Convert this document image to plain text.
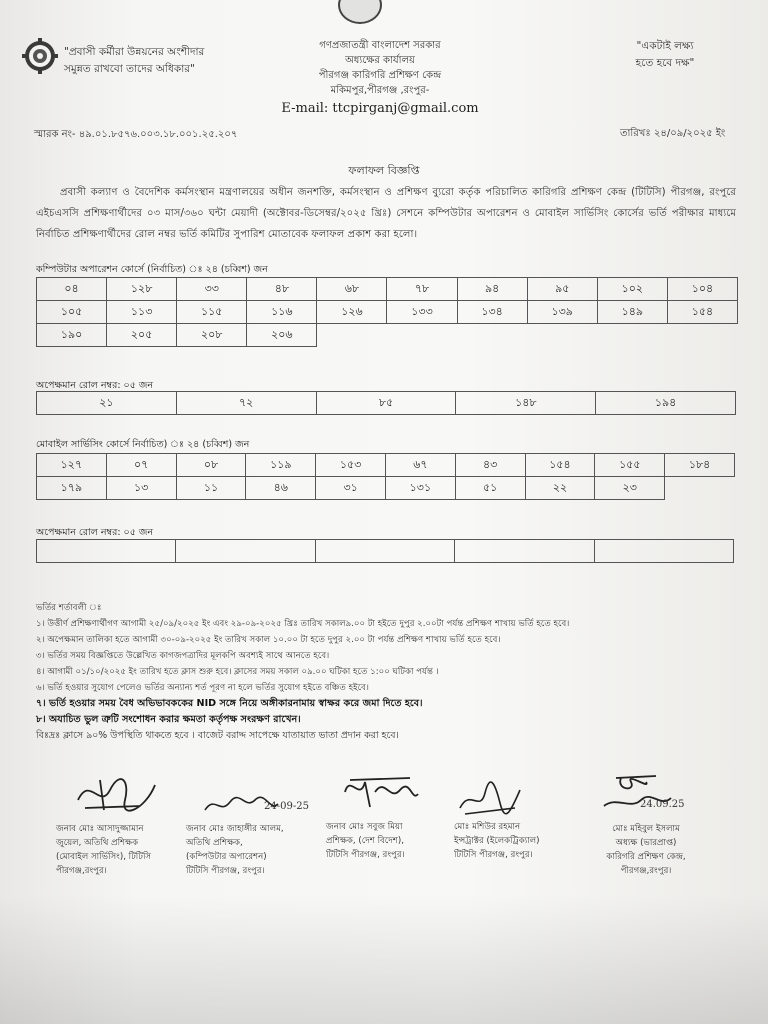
"প্রবাসী কর্মীরা উন্নয়নের অংশীদার
সমুন্নত রাখবো তাদের অধিকার"
গণপ্রজাতন্ত্রী বাংলাদেশ সরকার
অধ্যক্ষের কার্যালয়
পীরগঞ্জ কারিগরি প্রশিক্ষণ কেন্দ্র
মকিমপুর,পীরগঞ্জ ,রংপুর-
E-mail: ttcpirganj@gmail.com
"একটাই লক্ষ্য
হতে হবে দক্ষ"
স্মারক নং- ৪৯.০১.৮৫৭৬.০০৩.১৮.০০১.২৫.২০৭	তারিখঃ ২৪/০৯/২০২৫ ইং
ফলাফল বিজ্ঞপ্তি
প্রবাসী কল্যাণ ও বৈদেশিক কর্মসংস্থান মন্ত্রণালয়ের অধীন জনশক্তি, কর্মসংস্থান ও প্রশিক্ষণ ব্যুরো কর্তৃক পরিচালিত কারিগরি প্রশিক্ষণ কেন্দ্র (টিটিসি) পীরগঞ্জ, রংপুরে এইচএসসি প্রশিক্ষণার্থীদের ০৩ মাস/৩৬০ ঘন্টা মেয়াদী (অক্টোবর-ডিসেম্বর/২০২৫ খ্রিঃ) সেশনে কম্পিউটার অপারেশন ও মোবাইল সার্ভিসিং কোর্সের ভর্তি পরীক্ষার মাধ্যমে নির্বাচিত প্রশিক্ষণার্থীদের রোল নম্বর ভর্তি কমিটির সুপারিশ মোতাবেক ফলাফল প্রকাশ করা হলো।
কম্পিউটার অপারেশন কোর্সে (নির্বাচিত) ঃ ২৪ (চব্বিশ) জন
০৪	১২৮	৩৩	৪৮	৬৮	৭৮	৯৪	৯৫	১০২	১০৪
১০৫	১১৩	১১৫	১১৬	১২৬	১৩৩	১৩৪	১৩৯	১৪৯	১৫৪
১৯০	২০৫	২০৮	২০৬						
অপেক্ষমান রোল নম্বর: ০৫ জন
২১	৭২	৮৫	১৪৮	১৯৪
মোবাইল সার্ভিসিং কোর্সে নির্বাচিত) ঃ ২৪ (চব্বিশ) জন
১২৭	০৭	০৮	১১৯	১৫৩	৬৭	৪৩	১৫৪	১৫৫	১৮৪
১৭৯	১৩	১১	৪৬	৩১	১৩১	৫১	২২	২৩	
অপেক্ষমান রোল নম্বর: ০৫ জন

ভর্তির শর্তাবলী ঃ
১। উত্তীর্ণ প্রশিক্ষণার্থীগণ আগামী ২৫/০৯/২০২৫ ইং এবং ২৯-০৯-২০২৫ খ্রিঃ তারিখ সকাল৯.০০ টা হইতে দুপুর ২.০০টা পর্যন্ত প্রশিক্ষণ শাখায় ভর্তি হতে হবে।
২। অপেক্ষমান তালিকা হতে আগামী ৩০-০৯-২০২৫ ইং তারিখ সকাল ১০.০০ টা হতে দুপুর ২.০০ টা পর্যন্ত প্রশিক্ষণ শাখায় ভর্তি হতে হবে।
৩। ভর্তির সময় বিজ্ঞপ্তিতে উল্লেখিত কাগজপত্রাদির মূলকপি অবশ্যই সাথে আনতে হবে।
৪। আগামী ০১/১০/২০২৫ ইং তারিখ হতে ক্লাস শুরু হবে। ক্লাসের সময় সকাল ০৯.০০ ঘটিকা হতে ১:০০ ঘটিকা পর্যন্ত ।
৬। ভর্তি হওয়ার সুযোগ পেলেও ভর্তির অন্যান্য শর্ত পূরণ না হলে ভর্তির সুযোগ হইতে বঞ্চিত হইবে।
৭। ভর্তি হওয়ার সময় বৈধ অভিভাবককের NID সঙ্গে নিয়ে অঙ্গীকারনামায় স্বাক্ষর করে জমা দিতে হবে।
৮। অযাচিত ভুল ত্রুটি সংশোধন করার ক্ষমতা কর্তৃপক্ষ সংরক্ষণ রাখেন।
বিঃদ্রঃ ক্লাসে ৯০% উপস্থিতি থাকতে হবে । বাজেট বরাদ্দ সাপেক্ষে যাতায়াত ভাতা প্রদান করা হবে।
24-09-25	24.09.25
জনাব মোঃ আসাদুজ্জামান
জুয়েল, অতিথি প্রশিক্ষক
(মোবাইল সার্ভিসিং), টিটিসি
পীরগঞ্জ,রংপুর।
জনাব মোঃ জাহাঙ্গীর আলম,
অতিথি প্রশিক্ষক,
(কম্পিউটার অপারেশন)
টিটিসি পীরগঞ্জ, রংপুর।
জনাব মোঃ সবুজ মিয়া
প্রশিক্ষক, (দেশ বিদেশ),
টিটিসি পীরগঞ্জ, রংপুর।
মোঃ মশিউর রহমান
ইন্সট্রাক্টর (ইলেকট্রিক্যাল)
টিটিসি পীরগঞ্জ, রংপুর।
মোঃ মহিবুল ইসলাম
অধ্যক্ষ (ভারপ্রাপ্ত)
কারিগরি প্রশিক্ষণ কেন্দ্র,
পীরগঞ্জ,রংপুর।
